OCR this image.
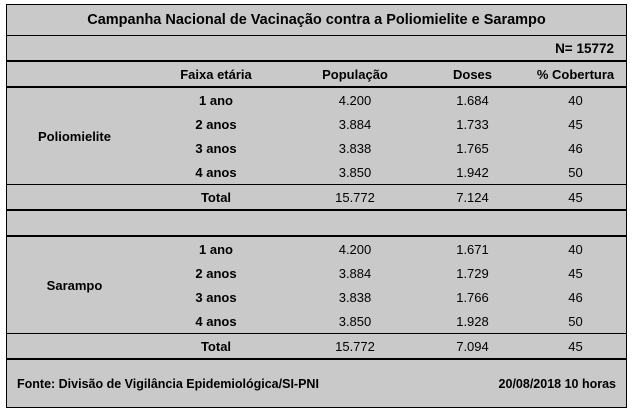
Campanha Nacional de Vacinação contra a Poliomielite e Sarampo
N= 15772
	Faixa etária	População	Doses	% Cobertura
Poliomielite	1 ano	4.200	1.684	40
	2 anos	3.884	1.733	45
	3 anos	3.838	1.765	46
	4 anos	3.850	1.942	50
	Total	15.772	7.124	45

Sarampo	1 ano	4.200	1.671	40
	2 anos	3.884	1.729	45
	3 anos	3.838	1.766	46
	4 anos	3.850	1.928	50
	Total	15.772	7.094	45
Fonte: Divisão de Vigilância Epidemiológica/SI-PNI	20/08/2018 10 horas
